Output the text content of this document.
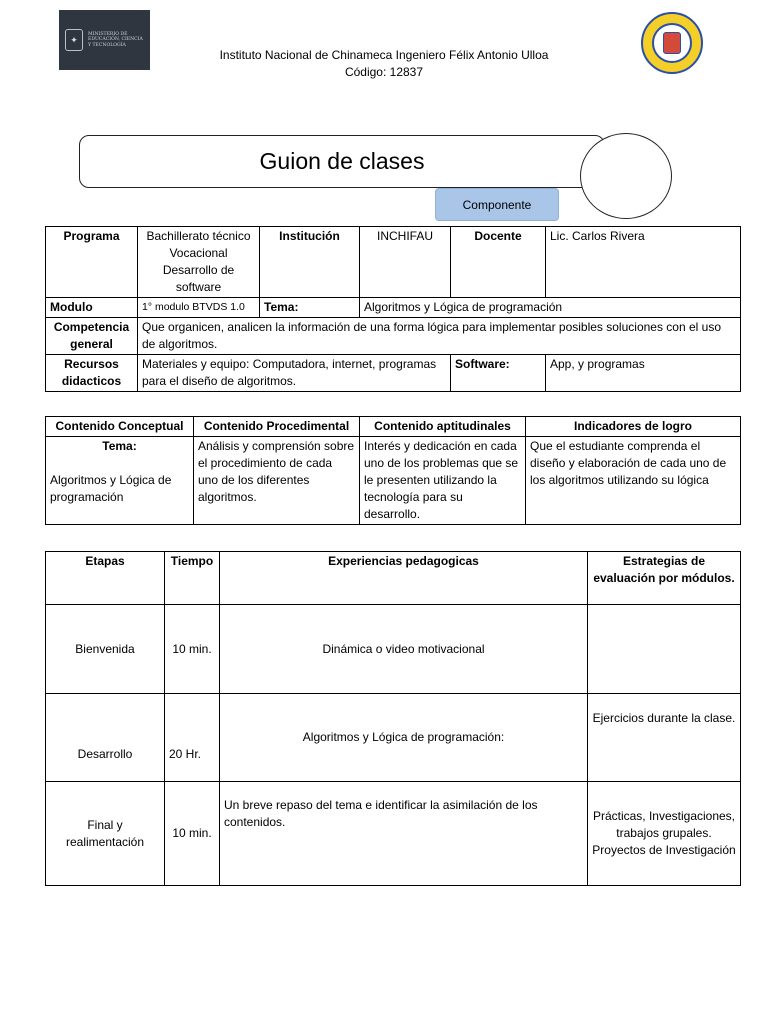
✦
MINISTERIO DE EDUCACIÓN, CIENCIA Y TECNOLOGÍA
Instituto Nacional de Chinameca Ingeniero Félix Antonio Ulloa
Código: 12837
Guion de clases
Componente
Programa	Bachillerato técnico Vocacional Desarrollo de software	Institución	INCHIFAU	Docente	Lic. Carlos Rivera
Modulo	1° modulo BTVDS 1.0	Tema:	Algoritmos y Lógica de programación		
Competencia general	Que organicen, analicen la información de una forma lógica para implementar posibles soluciones con el uso de algoritmos.				
Recursos didacticos	Materiales y equipo: Computadora, internet, programas para el diseño de algoritmos.			Software:	App, y programas
Contenido Conceptual	Contenido Procedimental	Contenido aptitudinales	Indicadores de logro

Tema:
Algoritmos y Lógica de programación	Análisis y comprensión sobre el procedimiento de cada uno de los diferentes algoritmos.	Interés y dedicación en cada uno de los problemas que se le presenten utilizando la tecnología para su desarrollo.	Que el estudiante comprenda el diseño y elaboración de cada uno de los algoritmos utilizando su lógica
Etapas	Tiempo	Experiencias pedagogicas	Estrategias de evaluación por módulos.
Bienvenida	10 min.	Dinámica o video motivacional	
Desarrollo	20 Hr.	Algoritmos y Lógica de programación:	Ejercicios durante la clase.
Final y realimentación	10 min.	Un breve repaso del tema e identificar la asimilación de los contenidos.	Prácticas, Investigaciones, trabajos grupales. Proyectos de Investigación
